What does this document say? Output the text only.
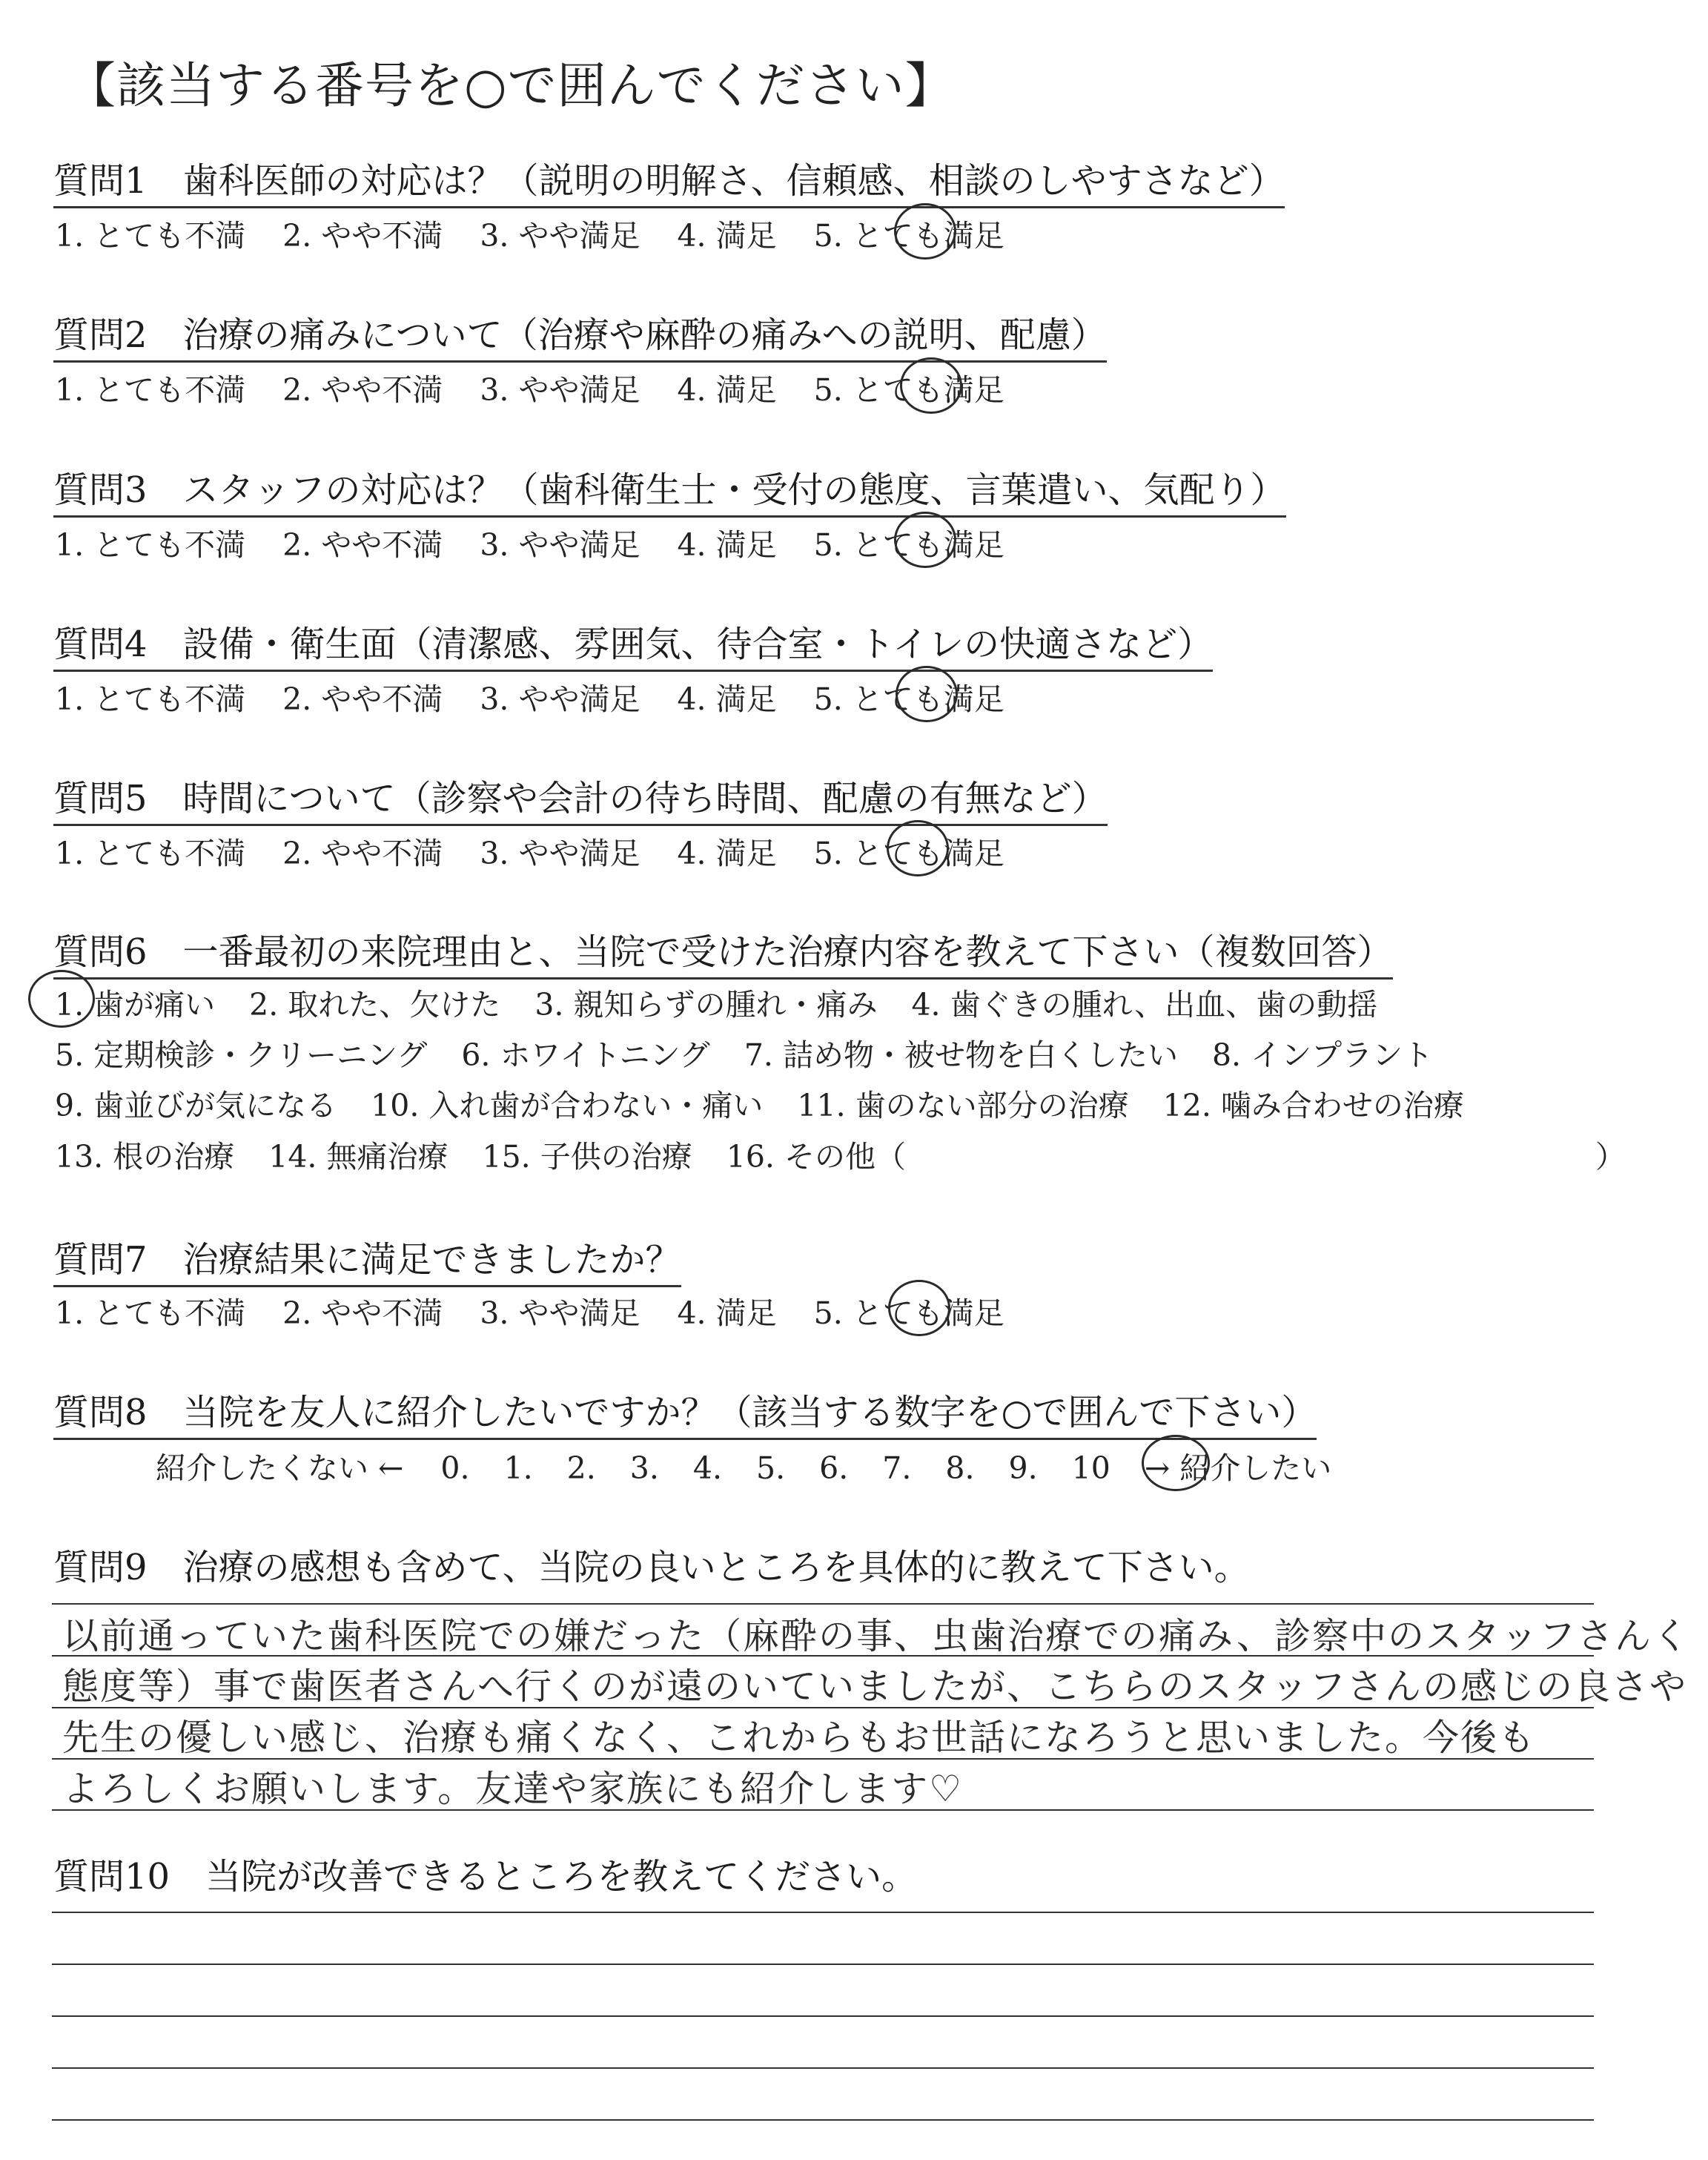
【該当する番号を○で囲んでください】
質問1　歯科医師の対応は？（説明の明解さ、信頼感、相談のしやすさなど）
1. とても不満 2. やや不満 3. やや満足 4. 満足 5. とても満足
質問2　治療の痛みについて（治療や麻酔の痛みへの説明、配慮）
1. とても不満 2. やや不満 3. やや満足 4. 満足 5. とても満足
質問3　スタッフの対応は？（歯科衛生士・受付の態度、言葉遣い、気配り）
1. とても不満 2. やや不満 3. やや満足 4. 満足 5. とても満足
質問4　設備・衛生面（清潔感、雰囲気、待合室・トイレの快適さなど）
1. とても不満 2. やや不満 3. やや満足 4. 満足 5. とても満足
質問5　時間について（診察や会計の待ち時間、配慮の有無など）
1. とても不満 2. やや不満 3. やや満足 4. 満足 5. とても満足
質問6　一番最初の来院理由と、当院で受けた治療内容を教えて下さい（複数回答）
1. 歯が痛い 2. 取れた、欠けた 3. 親知らずの腫れ・痛み 4. 歯ぐきの腫れ、出血、歯の動揺
5. 定期検診・クリーニング 6. ホワイトニング 7. 詰め物・被せ物を白くしたい 8. インプラント
9. 歯並びが気になる 10. 入れ歯が合わない・痛い 11. 歯のない部分の治療 12. 噛み合わせの治療
13. 根の治療 14. 無痛治療 15. 子供の治療 16. その他（	）
質問7　治療結果に満足できましたか？
1. とても不満 2. やや不満 3. やや満足 4. 満足 5. とても満足
質問8　当院を友人に紹介したいですか？（該当する数字を○で囲んで下さい）
紹介したくない ← 0. 1. 2. 3. 4. 5. 6. 7. 8. 9. 10 → 紹介したい
質問9　治療の感想も含めて、当院の良いところを具体的に教えて下さい。
以前通っていた歯科医院での嫌だった（麻酔の事、虫歯治療での痛み、診察中のスタッフさんく
態度等）事で歯医者さんへ行くのが遠のいていましたが、こちらのスタッフさんの感じの良さや
先生の優しい感じ、治療も痛くなく、これからもお世話になろうと思いました。今後も
よろしくお願いします。友達や家族にも紹介します♡
質問10　当院が改善できるところを教えてください。
